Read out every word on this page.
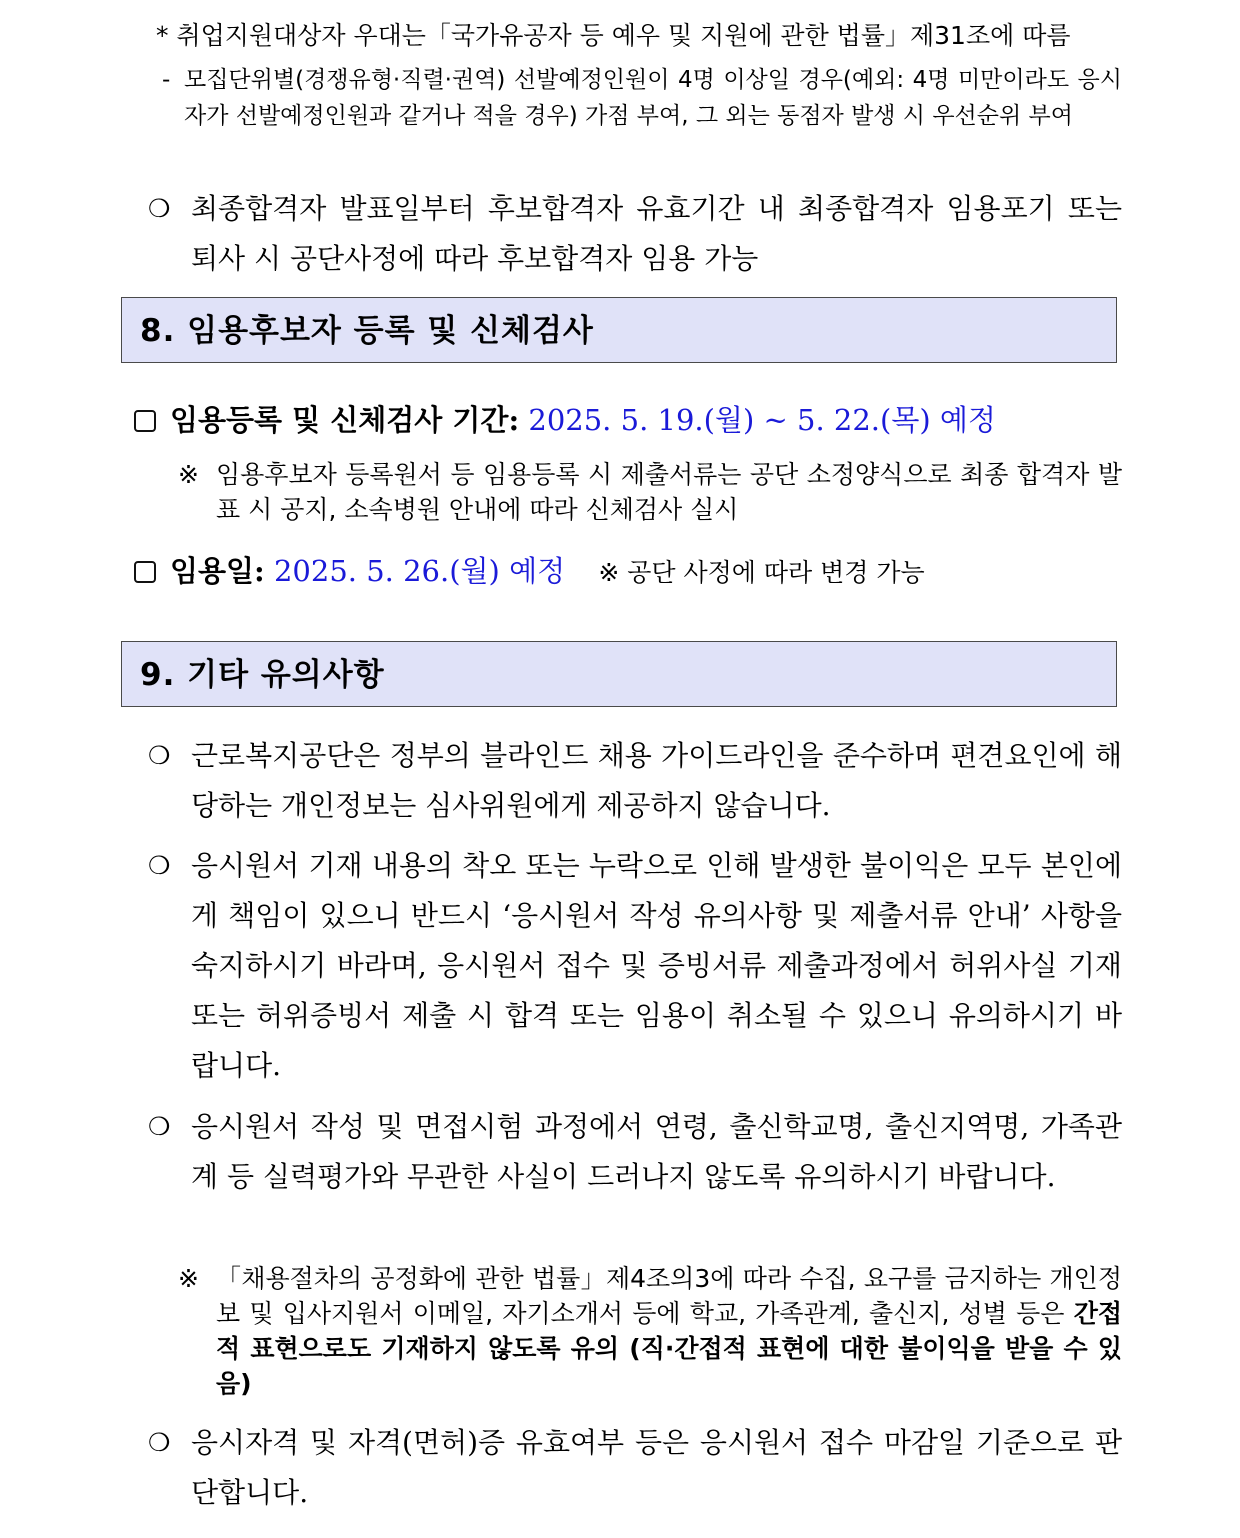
* 취업지원대상자 우대는「국가유공자 등 예우 및 지원에 관한 법률」제31조에 따름
- 모집단위별(경쟁유형·직렬·권역) 선발예정인원이 4명 이상일 경우(예외: 4명 미만이라도 응시자가 선발예정인원과 같거나 적을 경우) 가점 부여, 그 외는 동점자 발생 시 우선순위 부여
❍ 최종합격자 발표일부터 후보합격자 유효기간 내 최종합격자 임용포기 또는 퇴사 시 공단사정에 따라 후보합격자 임용 가능
8. 임용후보자 등록 및 신체검사
임용등록 및 신체검사 기간: 2025. 5. 19.(월) ~ 5. 22.(목) 예정
※ 임용후보자 등록원서 등 임용등록 시 제출서류는 공단 소정양식으로 최종 합격자 발표 시 공지, 소속병원 안내에 따라 신체검사 실시
임용일: 2025. 5. 26.(월) 예정 ※ 공단 사정에 따라 변경 가능
9. 기타 유의사항
❍ 근로복지공단은 정부의 블라인드 채용 가이드라인을 준수하며 편견요인에 해당하는 개인정보는 심사위원에게 제공하지 않습니다.
❍ 응시원서 기재 내용의 착오 또는 누락으로 인해 발생한 불이익은 모두 본인에게 책임이 있으니 반드시 ‘응시원서 작성 유의사항 및 제출서류 안내’ 사항을 숙지하시기 바라며, 응시원서 접수 및 증빙서류 제출과정에서 허위사실 기재 또는 허위증빙서 제출 시 합격 또는 임용이 취소될 수 있으니 유의하시기 바랍니다.
❍ 응시원서 작성 및 면접시험 과정에서 연령, 출신학교명, 출신지역명, 가족관계 등 실력평가와 무관한 사실이 드러나지 않도록 유의하시기 바랍니다.
※ 「채용절차의 공정화에 관한 법률」제4조의3에 따라 수집, 요구를 금지하는 개인정보 및 입사지원서 이메일, 자기소개서 등에 학교, 가족관계, 출신지, 성별 등은 간접적 표현으로도 기재하지 않도록 유의 (직·간접적 표현에 대한 불이익을 받을 수 있음)
❍ 응시자격 및 자격(면허)증 유효여부 등은 응시원서 접수 마감일 기준으로 판단합니다.
